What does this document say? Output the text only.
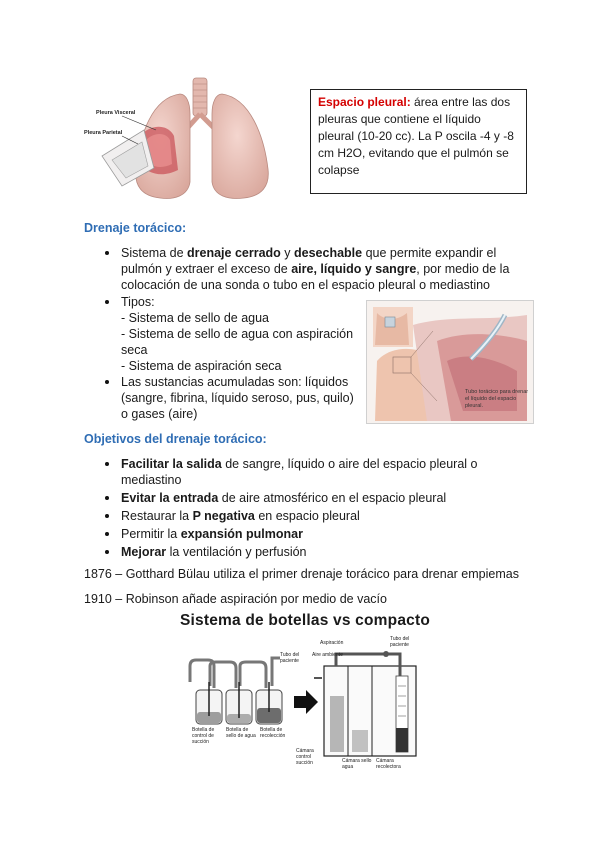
Pleura Visceral
Pleura Parietal
Espacio pleural: área entre las dos pleuras que contiene el líquido pleural (10-20 cc). La P oscila -4 y -8 cm H2O, evitando que el pulmón se colapse
Drenaje torácico:
Sistema de drenaje cerrado y desechable que permite expandir el pulmón y extraer el exceso de aire, líquido y sangre, por medio de la colocación de una sonda o tubo en el espacio pleural o mediastino
Tipos:
- Sistema de sello de agua
- Sistema de sello de agua con aspiración seca
- Sistema de aspiración seca
Las sustancias acumuladas son: líquidos (sangre, fibrina, líquido seroso, pus, quilo) o gases (aire)
Tubo torácico para drenar el líquido del espacio pleural.
Objetivos del drenaje torácico:
Facilitar la salida de sangre, líquido o aire del espacio pleural o mediastino
Evitar la entrada de aire atmosférico en el espacio pleural
Restaurar la P negativa en espacio pleural
Permitir la expansión pulmonar
Mejorar la ventilación y perfusión
1876 – Gotthard Bülau utiliza el primer drenaje torácico para drenar empiemas
1910 – Robinson añade aspiración por medio de vacío
Sistema de botellas vs compacto
Tubo del paciente
Botella de control de succión
Botella de sello de agua
Botella de recolección
Aspiración
Aire ambiente
Tubo del paciente
Cámara control succión	Cámara sello agua
Cámara recolectora
